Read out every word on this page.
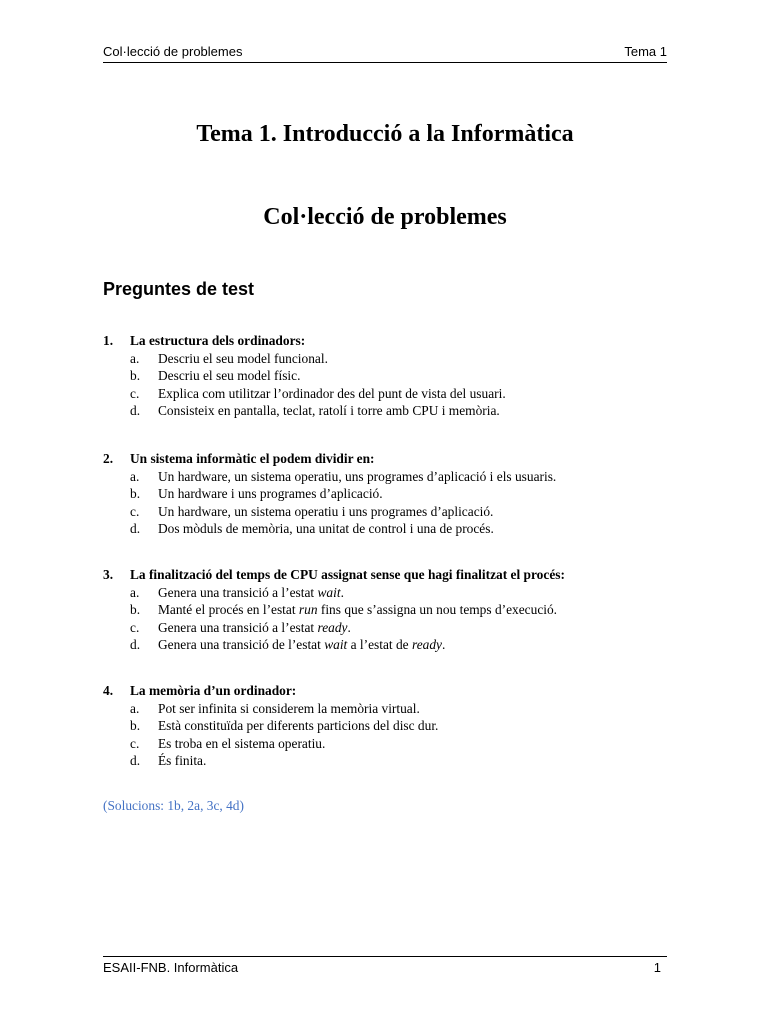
Col·lecció de problemes	Tema 1
Tema 1. Introducció a la Informàtica
Col·lecció de problemes
Preguntes de test
1. La estructura dels ordinadors:
a. Descriu el seu model funcional.
b. Descriu el seu model físic.
c. Explica com utilitzar l’ordinador des del punt de vista del usuari.
d. Consisteix en pantalla, teclat, ratolí i torre amb CPU i memòria.
2. Un sistema informàtic el podem dividir en:
a. Un hardware, un sistema operatiu, uns programes d’aplicació i els usuaris.
b. Un hardware i uns programes d’aplicació.
c. Un hardware, un sistema operatiu i uns programes d’aplicació.
d. Dos mòduls de memòria, una unitat de control i una de procés.
3. La finalització del temps de CPU assignat sense que hagi finalitzat el procés:
a. Genera una transició a l’estat wait.
b. Manté el procés en l’estat run fins que s’assigna un nou temps d’execució.
c. Genera una transició a l’estat ready.
d. Genera una transició de l’estat wait a l’estat de ready.
4. La memòria d’un ordinador:
a. Pot ser infinita si considerem la memòria virtual.
b. Està constituïda per diferents particions del disc dur.
c. Es troba en el sistema operatiu.
d. És finita.
(Solucions: 1b, 2a, 3c, 4d)
ESAII-FNB. Informàtica	1
